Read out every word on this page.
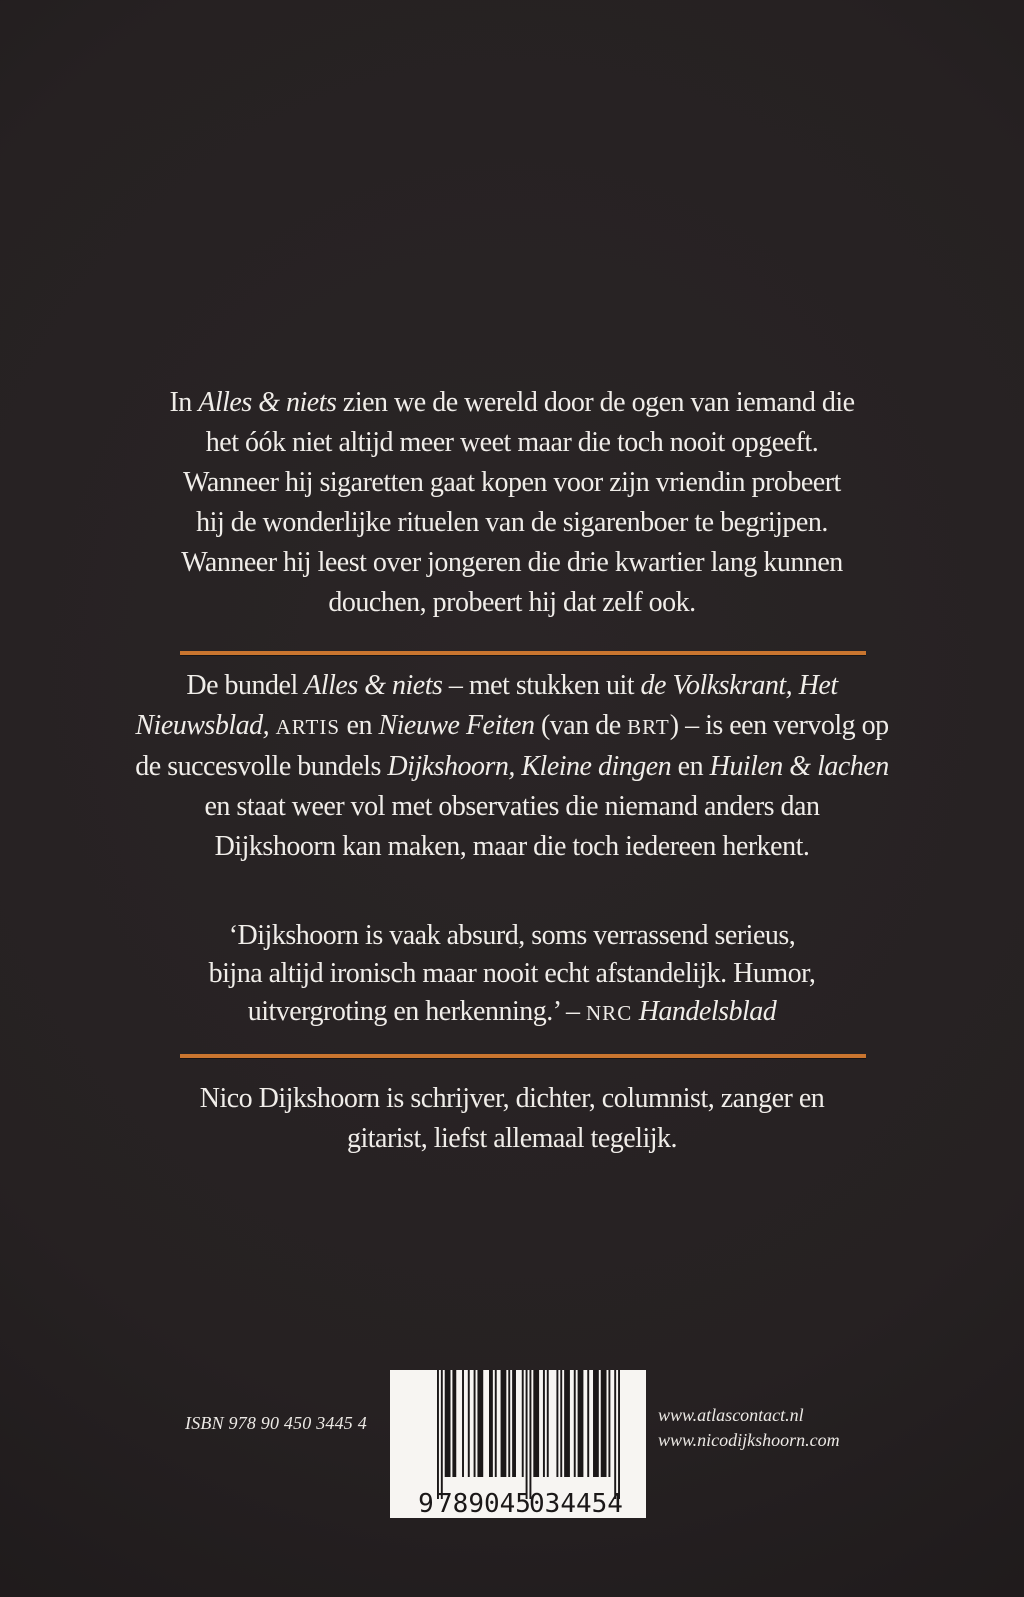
In Alles & niets zien we de wereld door de ogen van iemand die
het óók niet altijd meer weet maar die toch nooit opgeeft.
Wanneer hij sigaretten gaat kopen voor zijn vriendin probeert
hij de wonderlijke rituelen van de sigarenboer te begrijpen.
Wanneer hij leest over jongeren die drie kwartier lang kunnen
douchen, probeert hij dat zelf ook.
De bundel Alles & niets – met stukken uit de Volkskrant, Het
Nieuwsblad, ARTIS en Nieuwe Feiten (van de BRT) – is een vervolg op
de succesvolle bundels Dijkshoorn, Kleine dingen en Huilen & lachen
en staat weer vol met observaties die niemand anders dan
Dijkshoorn kan maken, maar die toch iedereen herkent.
‘Dijkshoorn is vaak absurd, soms verrassend serieus,
bijna altijd ironisch maar nooit echt afstandelijk. Humor,
uitvergroting en herkenning.’ – NRC Handelsblad
Nico Dijkshoorn is schrijver, dichter, columnist, zanger en
gitarist, liefst allemaal tegelijk.
ISBN 978 90 450 3445 4
9 789045
034454
www.atlascontact.nl
www.nicodijkshoorn.com
